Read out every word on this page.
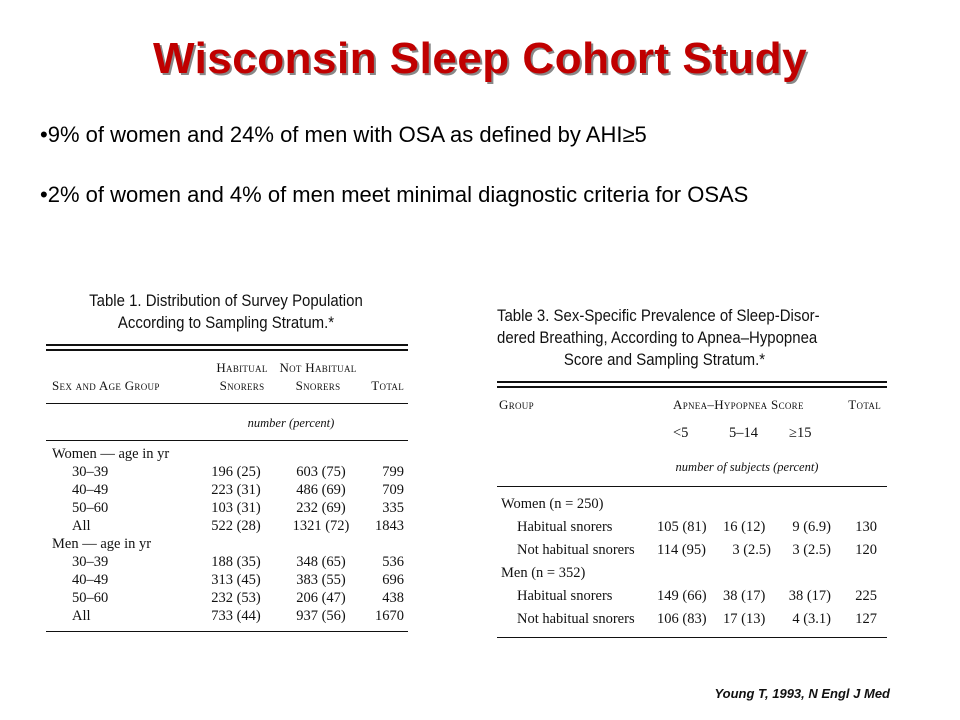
Wisconsin Sleep Cohort Study
•9% of women and 24% of men with OSA as defined by AHI≥5
•2% of women and 4% of men meet minimal diagnostic criteria for OSAS
Table 1. Distribution of Survey Population
According to Sampling Stratum.*
Habitual Not Habitual
Sex and Age Group	Snorers	Snorers	Total
number (percent)
Women — age in yr
30–39	196 (25)	603 (75)	799
40–49	223 (31)	486 (69)	709
50–60	103 (31)	232 (69)	335
All	522 (28)	1321 (72)	1843
Men — age in yr
30–39	188 (35)	348 (65)	536
40–49	313 (45)	383 (55)	696
50–60	232 (53)	206 (47)	438
All	733 (44)	937 (56)	1670
Table 3. Sex-Specific Prevalence of Sleep-Disor-
dered Breathing, According to Apnea–Hypopnea
Score and Sampling Stratum.*
Group	Apnea–Hypopnea Score	Total
<5	5–14 ≥15
number of subjects (percent)
Women (n = 250)
Habitual snorers	105 (81) 16 (12)	9 (6.9)	130
Not habitual snorers 114 (95)	3 (2.5)	3 (2.5)	120
Men (n = 352)
Habitual snorers	149 (66) 38 (17)	38 (17)	225
Not habitual snorers 106 (83) 17 (13)	4 (3.1)	127
Young T, 1993, N Engl J Med
